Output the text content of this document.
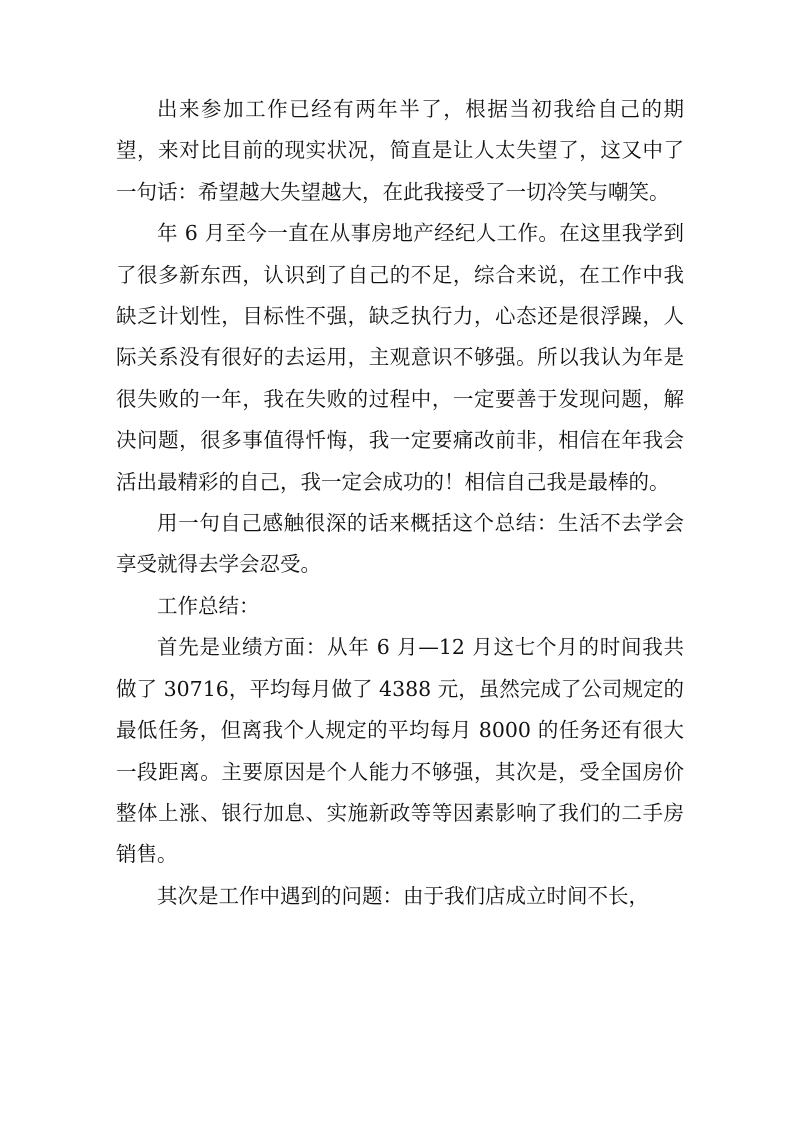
出来参加工作已经有两年半了，根据当初我给自己的期望，来对比目前的现实状况，简直是让人太失望了，这又中了一句话：希望越大失望越大，在此我接受了一切冷笑与嘲笑。

年 6 月至今一直在从事房地产经纪人工作。在这里我学到了很多新东西，认识到了自己的不足，综合来说，在工作中我缺乏计划性，目标性不强，缺乏执行力，心态还是很浮躁，人际关系没有很好的去运用，主观意识不够强。所以我认为年是很失败的一年，我在失败的过程中，一定要善于发现问题，解决问题，很多事值得忏悔，我一定要痛改前非，相信在年我会活出最精彩的自己，我一定会成功的！相信自己我是最棒的。

用一句自己感触很深的话来概括这个总结：生活不去学会享受就得去学会忍受。

工作总结：

首先是业绩方面：从年 6 月—12 月这七个月的时间我共做了 30716，平均每月做了 4388 元，虽然完成了公司规定的最低任务，但离我个人规定的平均每月 8000 的任务还有很大一段距离。主要原因是个人能力不够强，其次是，受全国房价整体上涨、银行加息、实施新政等等因素影响了我们的二手房销售。

其次是工作中遇到的问题：由于我们店成立时间不长，
